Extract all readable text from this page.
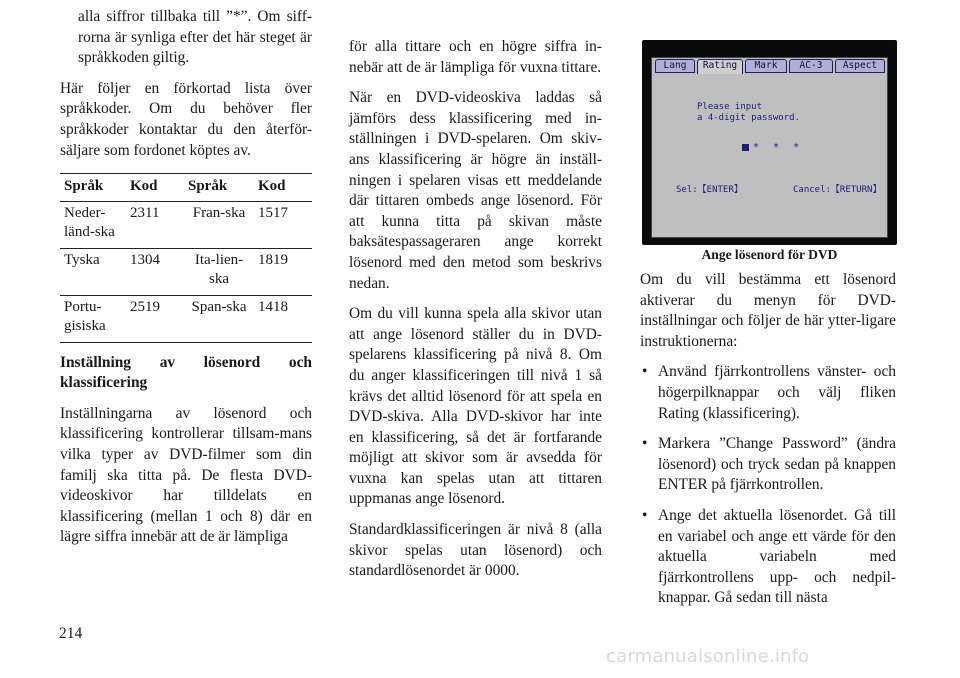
alla siffror tillbaka till ”*”. Om siff-rorna är synliga efter det här steget är språkkoden giltig.

Här följer en förkortad lista över språkkoder. Om du behöver fler språkkoder kontaktar du den återför-säljare som fordonet köptes av.

Språk	Kod	Språk	Kod
Neder-länd-ska	2311	Fran-ska	1517
Tyska	1304	Ita-lien-ska	1819
Portu-gisiska	2519	Span-ska	1418

Inställning av lösenord och klassificering

Inställningarna av lösenord och klassificering kontrollerar tillsam-mans vilka typer av DVD-filmer som din familj ska titta på. De flesta DVD-videoskivor har tilldelats en klassificering (mellan 1 och 8) där en lägre siffra innebär att de är lämpliga

för alla tittare och en högre siffra in-nebär att de är lämpliga för vuxna tittare.

När en DVD-videoskiva laddas så jämförs dess klassificering med in-ställningen i DVD-spelaren. Om skiv-ans klassificering är högre än inställ-ningen i spelaren visas ett meddelande där tittaren ombeds ange lösenord. För att kunna titta på skivan måste baksätespassageraren ange korrekt lösenord med den metod som beskrivs nedan.

Om du vill kunna spela alla skivor utan att ange lösenord ställer du in DVD-spelarens klassificering på nivå 8. Om du anger klassificeringen till nivå 1 så krävs det alltid lösenord för att spela en DVD-skiva. Alla DVD-skivor har inte en klassificering, så det är fortfarande möjligt att skivor som är avsedda för vuxna kan spelas utan att tittaren uppmanas ange lösenord.

Standardklassificeringen är nivå 8 (alla skivor spelas utan lösenord) och standardlösenordet är 0000.

Lang	Rating	Mark	AC-3	Aspect
Please input
a 4-digit password.
* * *
Sel:【ENTER】	Cancel:【RETURN】
Ange lösenord för DVD

Om du vill bestämma ett lösenord aktiverar du menyn för DVD-inställningar och följer de här ytter-ligare instruktionerna:

• Använd fjärrkontrollens vänster- och högerpilknappar och välj fliken Rating (klassificering).
• Markera ”Change Password” (ändra lösenord) och tryck sedan på knappen ENTER på fjärrkontrollen.
• Ange det aktuella lösenordet. Gå till en variabel och ange ett värde för den aktuella variabeln med fjärrkontrollens upp- och nedpil-knappar. Gå sedan till nästa
214
carmanualsonline.info
